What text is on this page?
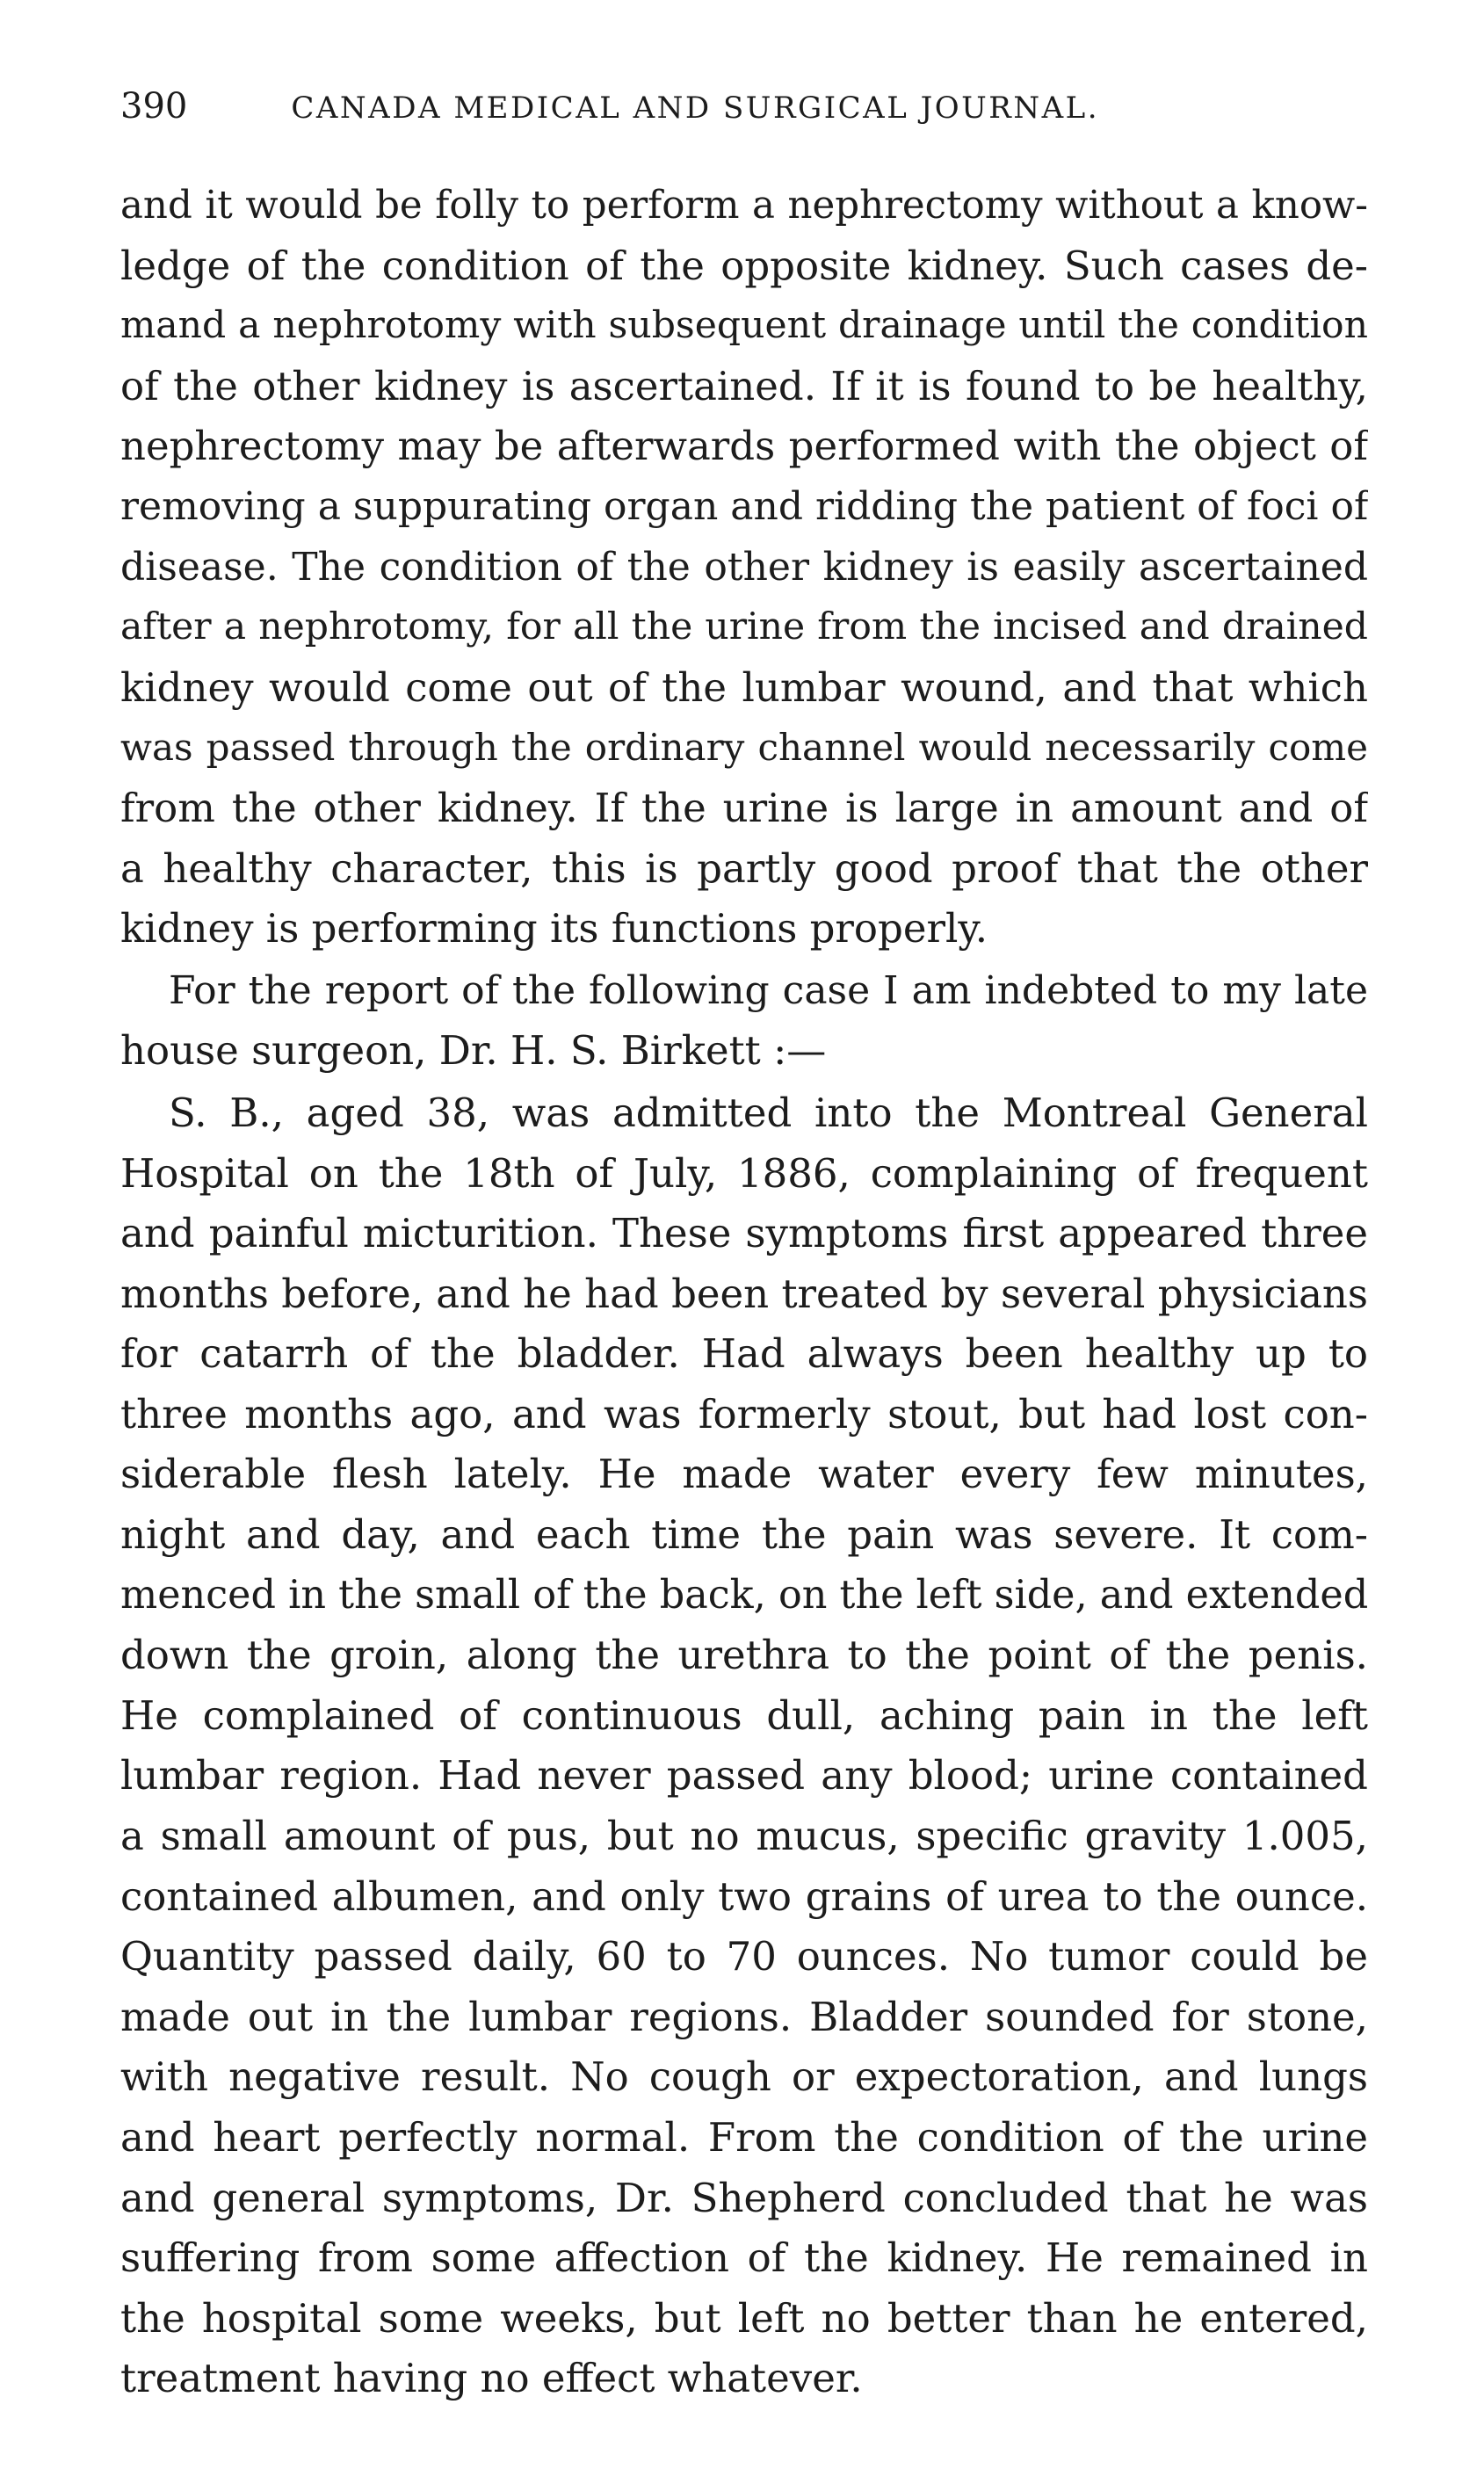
390	CANADA MEDICAL AND SURGICAL JOURNAL.
and it would be folly to perform a nephrectomy without a know-
ledge of the condition of the opposite kidney. Such cases de-
mand a nephrotomy with subsequent drainage until the condition
of the other kidney is ascertained. If it is found to be healthy,
nephrectomy may be afterwards performed with the object of
removing a suppurating organ and ridding the patient of foci of
disease. The condition of the other kidney is easily ascertained
after a nephrotomy, for all the urine from the incised and drained
kidney would come out of the lumbar wound, and that which
was passed through the ordinary channel would necessarily come
from the other kidney. If the urine is large in amount and of
a healthy character, this is partly good proof that the other
kidney is performing its functions properly.
For the report of the following case I am indebted to my late
house surgeon, Dr. H. S. Birkett :—
S. B., aged 38, was admitted into the Montreal General
Hospital on the 18th of July, 1886, complaining of frequent
and painful micturition. These symptoms first appeared three
months before, and he had been treated by several physicians
for catarrh of the bladder. Had always been healthy up to
three months ago, and was formerly stout, but had lost con-
siderable flesh lately. He made water every few minutes,
night and day, and each time the pain was severe. It com-
menced in the small of the back, on the left side, and extended
down the groin, along the urethra to the point of the penis.
He complained of continuous dull, aching pain in the left
lumbar region. Had never passed any blood; urine contained
a small amount of pus, but no mucus, specific gravity 1.005,
contained albumen, and only two grains of urea to the ounce.
Quantity passed daily, 60 to 70 ounces. No tumor could be
made out in the lumbar regions. Bladder sounded for stone,
with negative result. No cough or expectoration, and lungs
and heart perfectly normal. From the condition of the urine
and general symptoms, Dr. Shepherd concluded that he was
suffering from some affection of the kidney. He remained in
the hospital some weeks, but left no better than he entered,
treatment having no effect whatever.
